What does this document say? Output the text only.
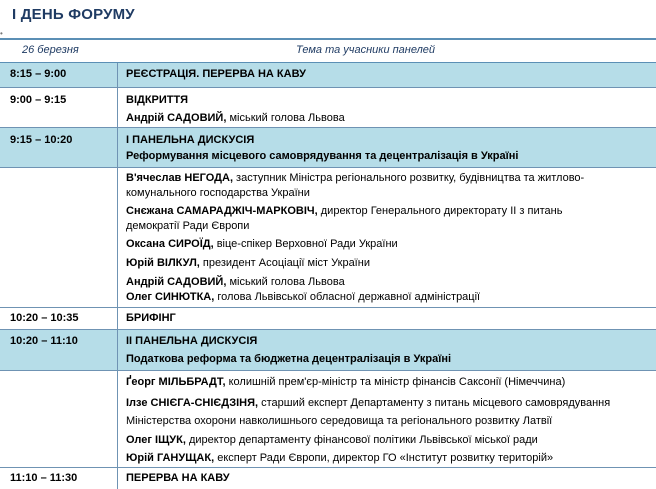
І ДЕНЬ ФОРУМУ
•
26 березня	Тема та учасники панелей
8:15 – 9:00	РЕЄСТРАЦІЯ. ПЕРЕРВА НА КАВУ
9:00 – 9:15	ВІДКРИТТЯ
Андрій САДОВИЙ, міський голова Львова
9:15 – 10:20	І ПАНЕЛЬНА ДИСКУСІЯ
Реформування місцевого самоврядування та децентралізація в Україні
В'ячеслав НЕГОДА, заступник Міністра регіонального розвитку, будівництва та житлово-
комунального господарства України
Снєжана САМАРАДЖІЧ-МАРКОВІЧ, директор Генерального директорату ІІ з питань
демократії Ради Європи
Оксана СИРОЇД, віце-спікер Верховної Ради України
Юрій ВІЛКУЛ, президент Асоціації міст України
Андрій САДОВИЙ, міський голова Львова
Олег СИНЮТКА, голова Львівської обласної державної адміністрації
10:20 – 10:35	БРИФІНГ
10:20 – 11:10	ІІ ПАНЕЛЬНА ДИСКУСІЯ
Податкова реформа та бюджетна децентралізація в Україні
Ґеорг МІЛЬБРАДТ, колишній прем'єр-міністр та міністр фінансів Саксонії (Німеччина)
Ілзе СНІЄГА-СНІЄДЗІНЯ, старший експерт Департаменту з питань місцевого самоврядування
Міністерства охорони навколишнього середовища та регіонального розвитку Латвії
Олег ІЩУК, директор департаменту фінансової політики Львівської міської ради
Юрій ГАНУЩАК, експерт Ради Європи, директор ГО «Інститут розвитку територій»
11:10 – 11:30	ПЕРЕРВА НА КАВУ
